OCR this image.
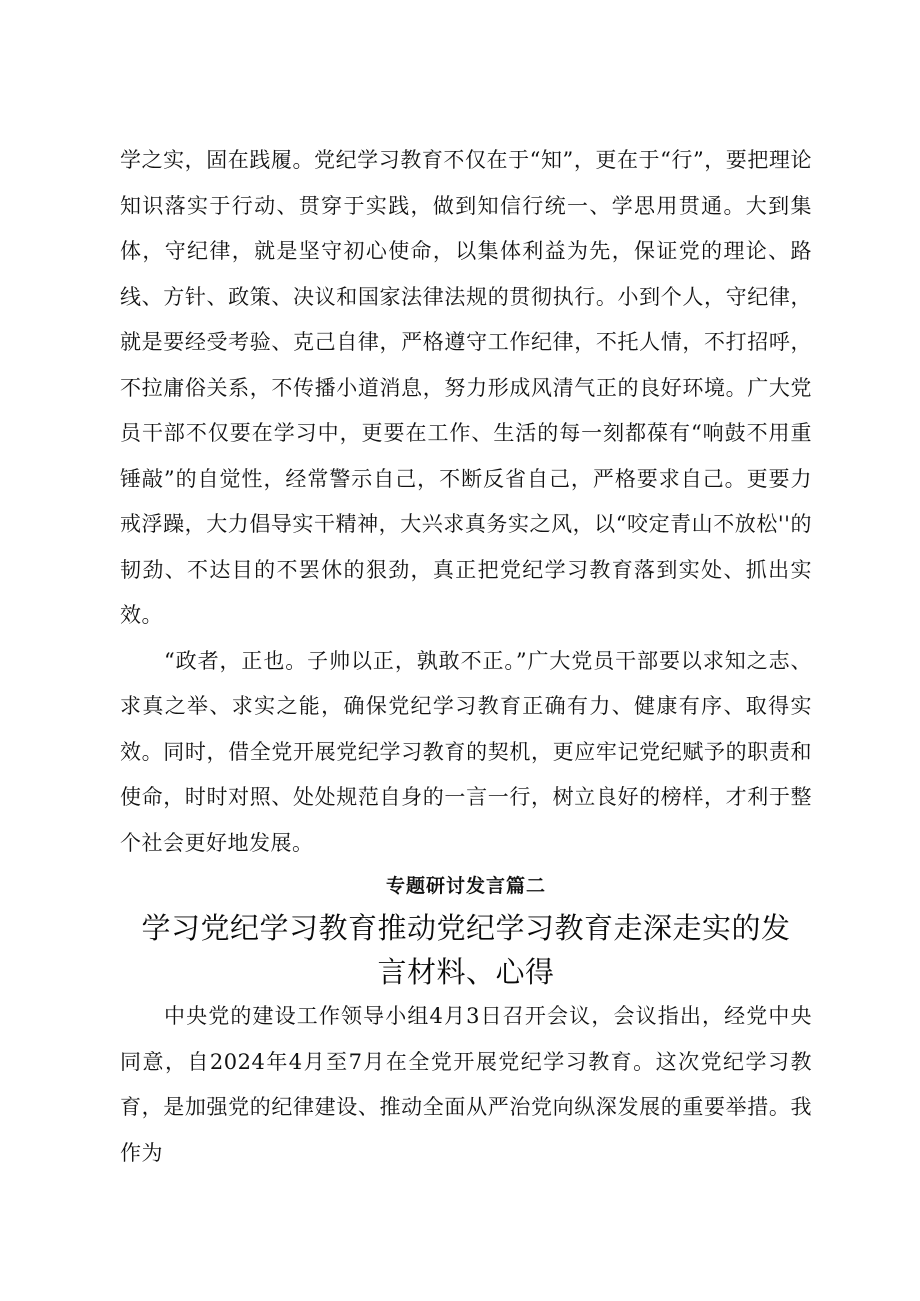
学之实，固在践履。党纪学习教育不仅在于“知”，更在于“行”，要把理论知识落实于行动、贯穿于实践，做到知信行统一、学思用贯通。大到集体，守纪律，就是坚守初心使命，以集体利益为先，保证党的理论、路线、方针、政策、决议和国家法律法规的贯彻执行。小到个人，守纪律，就是要经受考验、克己自律，严格遵守工作纪律，不托人情，不打招呼，不拉庸俗关系，不传播小道消息，努力形成风清气正的良好环境。广大党员干部不仅要在学习中，更要在工作、生活的每一刻都葆有“响鼓不用重锤敲”的自觉性，经常警示自己，不断反省自己，严格要求自己。更要力戒浮躁，大力倡导实干精神，大兴求真务实之风，以“咬定青山不放松''的韧劲、不达目的不罢休的狠劲，真正把党纪学习教育落到实处、抓出实效。

“政者，正也。子帅以正，孰敢不正。”广大党员干部要以求知之志、求真之举、求实之能，确保党纪学习教育正确有力、健康有序、取得实效。同时，借全党开展党纪学习教育的契机，更应牢记党纪赋予的职责和使命，时时对照、处处规范自身的一言一行，树立良好的榜样，才利于整个社会更好地发展。

专题研讨发言篇二
学习党纪学习教育推动党纪学习教育走深走实的发
言材料、心得

中央党的建设工作领导小组4月3日召开会议，会议指出，经党中央同意，自2024年4月至7月在全党开展党纪学习教育。这次党纪学习教育，是加强党的纪律建设、推动全面从严治党向纵深发展的重要举措。我作为
